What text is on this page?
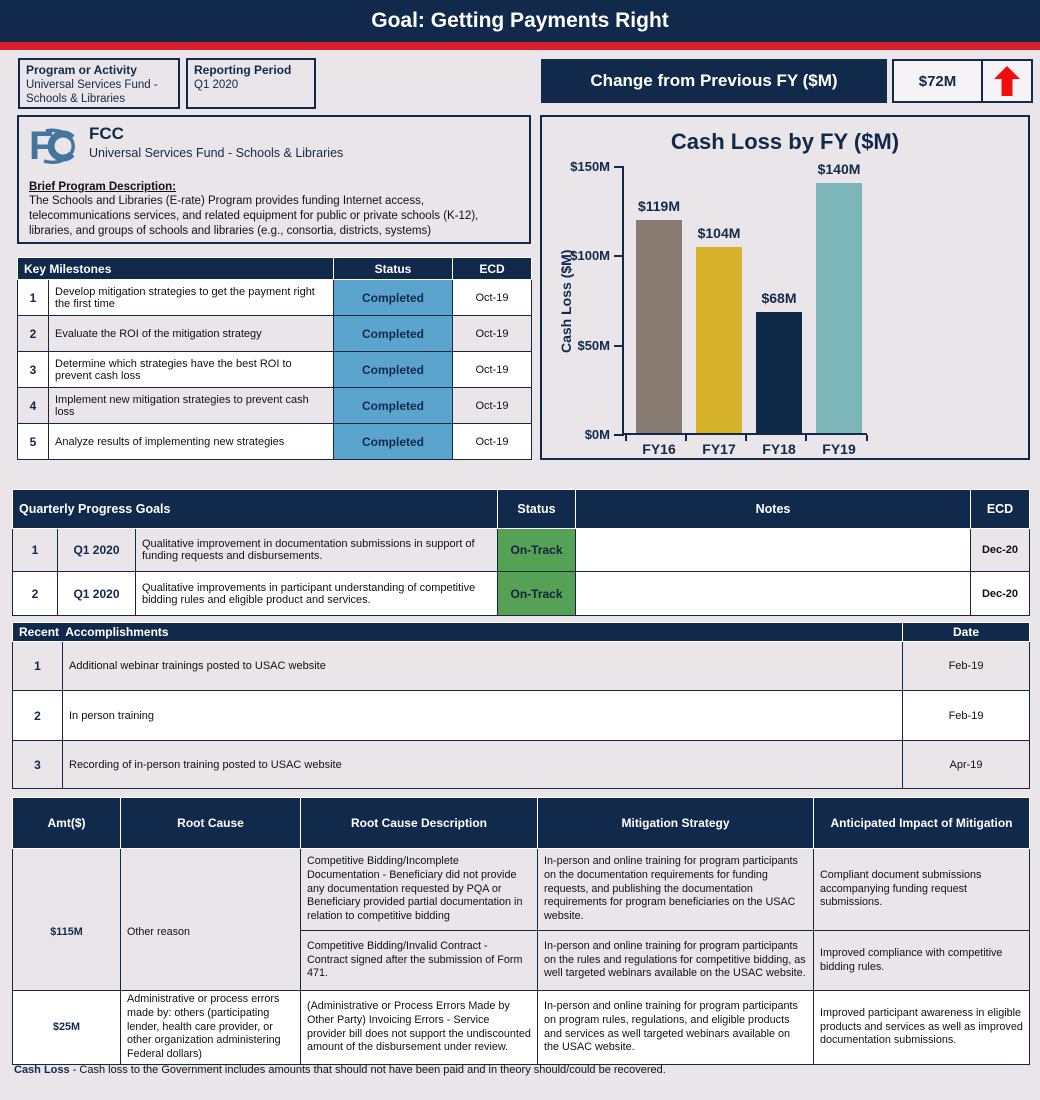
Goal: Getting Payments Right
Program or Activity
Universal Services Fund - Schools & Libraries
Reporting Period
Q1 2020	Change from Previous FY ($M)	$72M
F FCC
Universal Services Fund - Schools & Libraries
Brief Program Description:
The Schools and Libraries (E-rate) Program provides funding Internet access, telecommunications services, and related equipment for public or private schools (K-12), libraries, and groups of schools and libraries (e.g., consortia, districts, systems)
Key Milestones		Status	ECD
1	Develop mitigation strategies to get the payment right the first time	Completed	Oct-19
2	Evaluate the ROI of the mitigation strategy	Completed	Oct-19
3	Determine which strategies have the best ROI to prevent cash loss	Completed	Oct-19
4	Implement new mitigation strategies to prevent cash loss	Completed	Oct-19
5	Analyze results of implementing new strategies	Completed	Oct-19
Cash Loss by FY ($M)
Cash Loss ($M)
$0M
$50M
$100M
$150M
$119M
FY16
$104M
FY17
$68M
FY18
$140M
FY19
Quarterly Progress Goals			Status	Notes	ECD
1	Q1 2020	Qualitative improvement in documentation submissions in support of funding requests and disbursements.	On-Track		Dec-20
2	Q1 2020	Qualitative improvements in participant understanding of competitive bidding rules and eligible product and services.	On-Track		Dec-20
Recent  Accomplishments		Date
1	Additional webinar trainings posted to USAC website	Feb-19
2	In person training	Feb-19
3	Recording of in-person training posted to USAC website	Apr-19
Amt($)	Root Cause	Root Cause Description	Mitigation Strategy	Anticipated Impact of Mitigation
$115M	Other reason	Competitive Bidding/Incomplete Documentation - Beneficiary did not provide any documentation requested by PQA or Beneficiary provided partial documentation in relation to competitive bidding	In-person and online training for program participants on the documentation requirements for funding requests, and publishing the documentation requirements for program beneficiaries on the USAC website.	Compliant document submissions accompanying funding request submissions.
		Competitive Bidding/Invalid Contract - Contract signed after the submission of Form 471.	In-person and online training for program participants on the rules and regulations for competitive bidding, as well targeted webinars available on the USAC website.	Improved compliance with competitive bidding rules.
$25M	Administrative or process errors made by: others (participating lender, health care provider, or other organization administering Federal dollars)	(Administrative or Process Errors Made by Other Party) Invoicing Errors - Service provider bill does not support the undiscounted amount of the disbursement under review.	In-person and online training for program participants on program rules, regulations, and eligible products and services as well targeted webinars available on the USAC website.	Improved participant awareness in eligible products and services as well as improved documentation submissions.
Cash Loss - Cash loss to the Government includes amounts that should not have been paid and in theory should/could be recovered.
